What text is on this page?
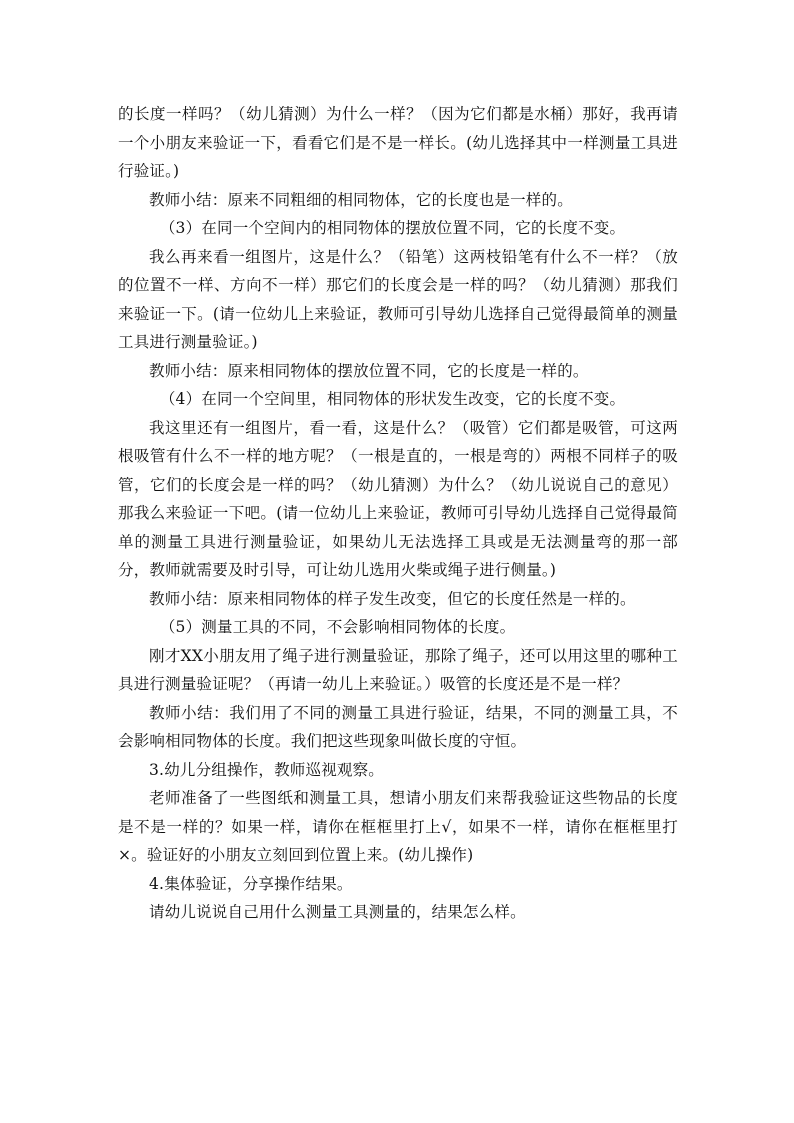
的长度一样吗？（幼儿猜测）为什么一样？（因为它们都是水桶）那好，我再请一个小朋友来验证一下，看看它们是不是一样长。(幼儿选择其中一样测量工具进行验证。)

教师小结：原来不同粗细的相同物体，它的长度也是一样的。

（3）在同一个空间内的相同物体的摆放位置不同，它的长度不变。

我么再来看一组图片，这是什么？（铅笔）这两枝铅笔有什么不一样？（放的位置不一样、方向不一样）那它们的长度会是一样的吗？（幼儿猜测）那我们来验证一下。(请一位幼儿上来验证，教师可引导幼儿选择自己觉得最简单的测量工具进行测量验证。)

教师小结：原来相同物体的摆放位置不同，它的长度是一样的。

（4）在同一个空间里，相同物体的形状发生改变，它的长度不变。

我这里还有一组图片，看一看，这是什么？（吸管）它们都是吸管，可这两根吸管有什么不一样的地方呢？（一根是直的，一根是弯的）两根不同样子的吸管，它们的长度会是一样的吗？（幼儿猜测）为什么？（幼儿说说自己的意见）那我么来验证一下吧。(请一位幼儿上来验证，教师可引导幼儿选择自己觉得最简单的测量工具进行测量验证，如果幼儿无法选择工具或是无法测量弯的那一部分，教师就需要及时引导，可让幼儿选用火柴或绳子进行侧量。)

教师小结：原来相同物体的样子发生改变，但它的长度任然是一样的。

（5）测量工具的不同，不会影响相同物体的长度。

刚才XX小朋友用了绳子进行测量验证，那除了绳子，还可以用这里的哪种工具进行测量验证呢？（再请一幼儿上来验证。）吸管的长度还是不是一样？

教师小结：我们用了不同的测量工具进行验证，结果，不同的测量工具，不会影响相同物体的长度。我们把这些现象叫做长度的守恒。

3.幼儿分组操作，教师巡视观察。

老师准备了一些图纸和测量工具，想请小朋友们来帮我验证这些物品的长度是不是一样的？如果一样，请你在框框里打上√，如果不一样，请你在框框里打×。验证好的小朋友立刻回到位置上来。(幼儿操作)

4.集体验证，分享操作结果。

请幼儿说说自己用什么测量工具测量的，结果怎么样。
